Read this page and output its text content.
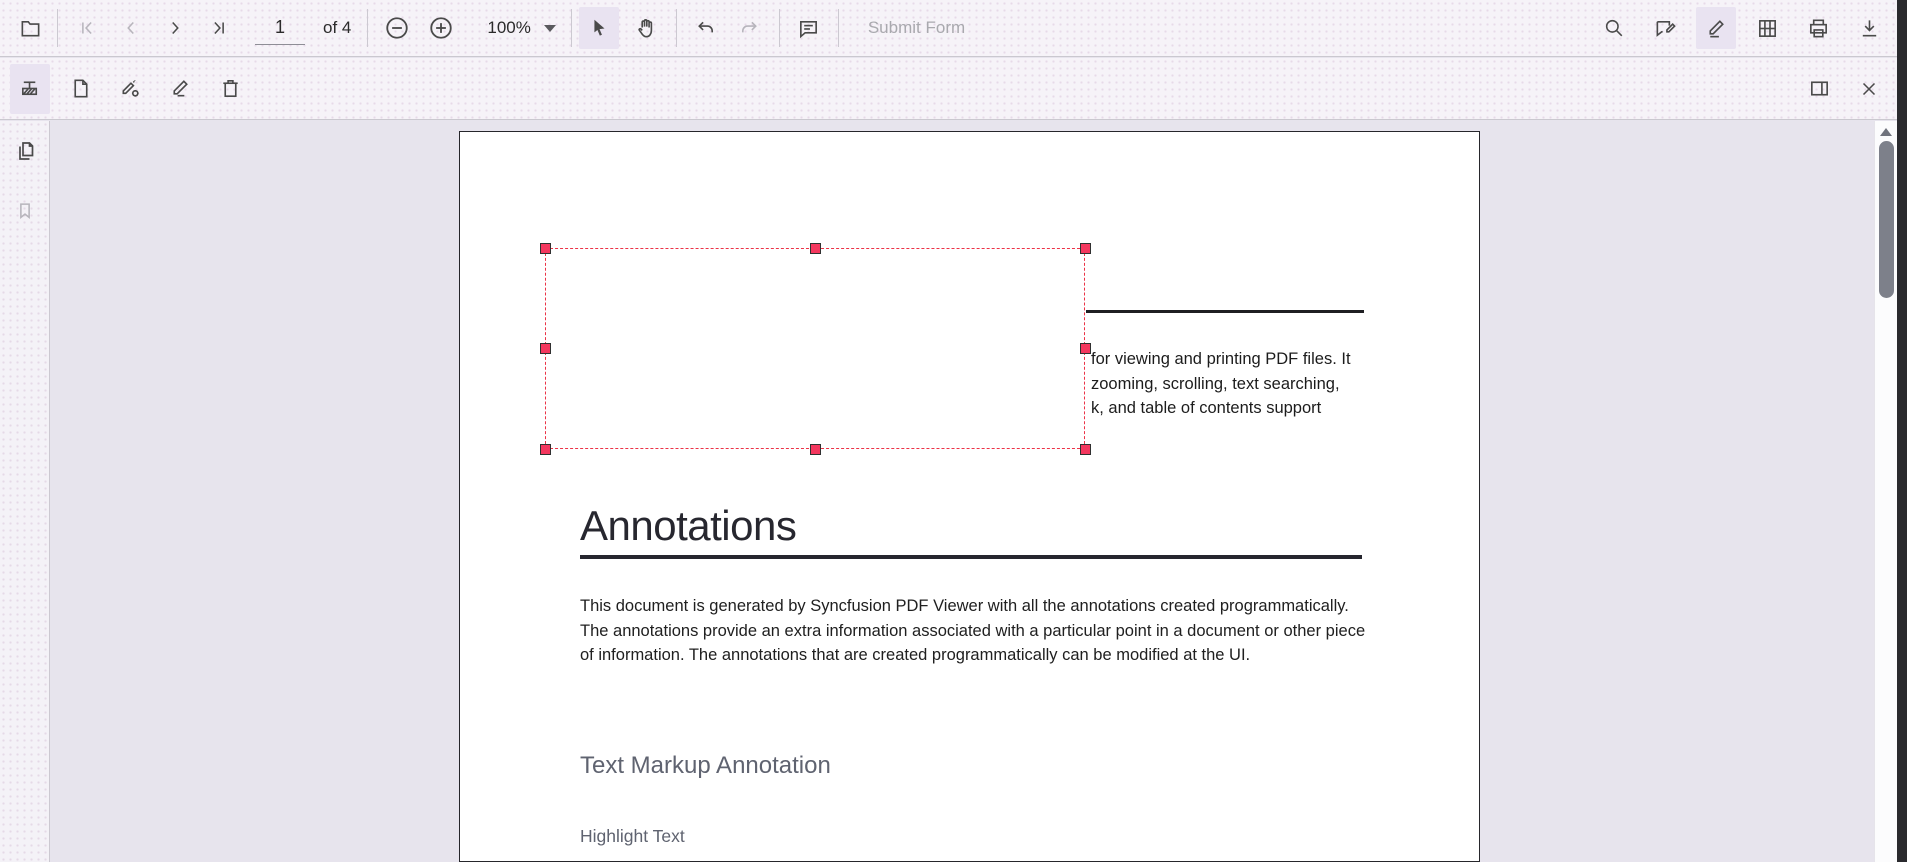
1
of 4	100%	Submit Form
for viewing and printing PDF files. It
zooming, scrolling, text searching,
k, and table of contents support
Annotations
This document is generated by Syncfusion PDF Viewer with all the annotations created programmatically. The annotations provide an extra information associated with a particular point in a document or other piece of information. The annotations that are created programmatically can be modified at the UI.
Text Markup Annotation
Highlight Text
